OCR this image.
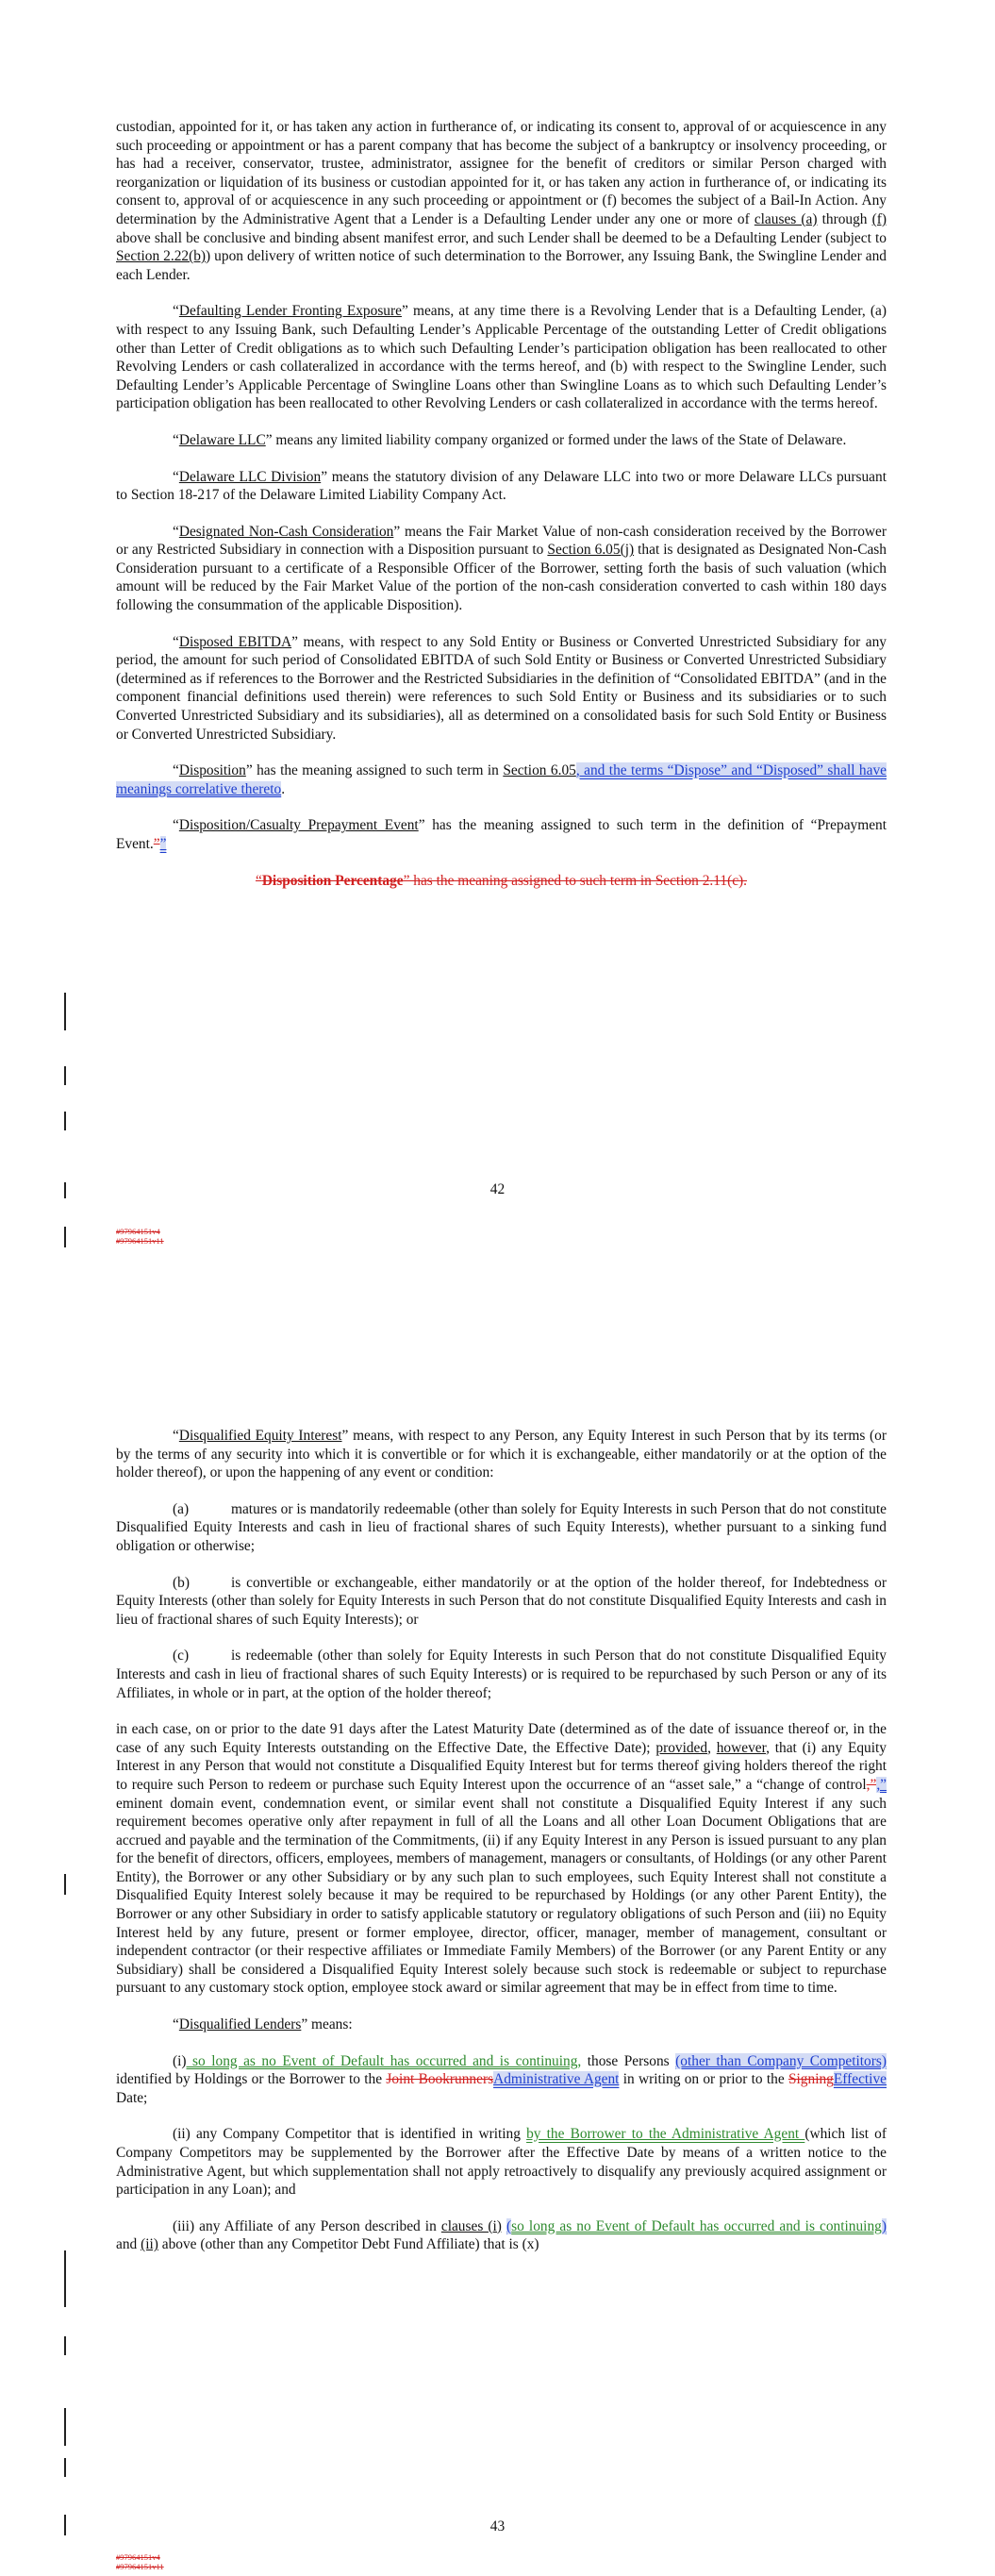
custodian, appointed for it, or has taken any action in furtherance of, or indicating its consent to, approval of or acquiescence in any such proceeding or appointment or has a parent company that has become the subject of a bankruptcy or insolvency proceeding, or has had a receiver, conservator, trustee, administrator, assignee for the benefit of creditors or similar Person charged with reorganization or liquidation of its business or custodian appointed for it, or has taken any action in furtherance of, or indicating its consent to, approval of or acquiescence in any such proceeding or appointment or (f) becomes the subject of a Bail-In Action. Any determination by the Administrative Agent that a Lender is a Defaulting Lender under any one or more of clauses (a) through (f) above shall be conclusive and binding absent manifest error, and such Lender shall be deemed to be a Defaulting Lender (subject to Section 2.22(b)) upon delivery of written notice of such determination to the Borrower, any Issuing Bank, the Swingline Lender and each Lender.

“Defaulting Lender Fronting Exposure” means, at any time there is a Revolving Lender that is a Defaulting Lender, (a) with respect to any Issuing Bank, such Defaulting Lender’s Applicable Percentage of the outstanding Letter of Credit obligations other than Letter of Credit obligations as to which such Defaulting Lender’s participation obligation has been reallocated to other Revolving Lenders or cash collateralized in accordance with the terms hereof, and (b) with respect to the Swingline Lender, such Defaulting Lender’s Applicable Percentage of Swingline Loans other than Swingline Loans as to which such Defaulting Lender’s participation obligation has been reallocated to other Revolving Lenders or cash collateralized in accordance with the terms hereof.

“Delaware LLC” means any limited liability company organized or formed under the laws of the State of Delaware.

“Delaware LLC Division” means the statutory division of any Delaware LLC into two or more Delaware LLCs pursuant to Section 18-217 of the Delaware Limited Liability Company Act.

“Designated Non-Cash Consideration” means the Fair Market Value of non-cash consideration received by the Borrower or any Restricted Subsidiary in connection with a Disposition pursuant to Section 6.05(j) that is designated as Designated Non-Cash Consideration pursuant to a certificate of a Responsible Officer of the Borrower, setting forth the basis of such valuation (which amount will be reduced by the Fair Market Value of the portion of the non-cash consideration converted to cash within 180 days following the consummation of the applicable Disposition).

“Disposed EBITDA” means, with respect to any Sold Entity or Business or Converted Unrestricted Subsidiary for any period, the amount for such period of Consolidated EBITDA of such Sold Entity or Business or Converted Unrestricted Subsidiary (determined as if references to the Borrower and the Restricted Subsidiaries in the definition of “Consolidated EBITDA” (and in the component financial definitions used therein) were references to such Sold Entity or Business and its subsidiaries or to such Converted Unrestricted Subsidiary and its subsidiaries), all as determined on a consolidated basis for such Sold Entity or Business or Converted Unrestricted Subsidiary.

“Disposition” has the meaning assigned to such term in Section 6.05, and the terms “Dispose” and “Disposed” shall have meanings correlative thereto.

“Disposition/Casualty Prepayment Event” has the meaning assigned to such term in the definition of “Prepayment Event.””

“Disposition Percentage” has the meaning assigned to such term in Section 2.11(c).

42
#97964151v4
#97964151v11

“Disqualified Equity Interest” means, with respect to any Person, any Equity Interest in such Person that by its terms (or by the terms of any security into which it is convertible or for which it is exchangeable, either mandatorily or at the option of the holder thereof), or upon the happening of any event or condition:

(a)	matures or is mandatorily redeemable (other than solely for Equity Interests in such Person that do not constitute Disqualified Equity Interests and cash in lieu of fractional shares of such Equity Interests), whether pursuant to a sinking fund obligation or otherwise;

(b)	is convertible or exchangeable, either mandatorily or at the option of the holder thereof, for Indebtedness or Equity Interests (other than solely for Equity Interests in such Person that do not constitute Disqualified Equity Interests and cash in lieu of fractional shares of such Equity Interests); or

(c)	is redeemable (other than solely for Equity Interests in such Person that do not constitute Disqualified Equity Interests and cash in lieu of fractional shares of such Equity Interests) or is required to be repurchased by such Person or any of its Affiliates, in whole or in part, at the option of the holder thereof;

in each case, on or prior to the date 91 days after the Latest Maturity Date (determined as of the date of issuance thereof or, in the case of any such Equity Interests outstanding on the Effective Date, the Effective Date); provided, however, that (i) any Equity Interest in any Person that would not constitute a Disqualified Equity Interest but for terms thereof giving holders thereof the right to require such Person to redeem or purchase such Equity Interest upon the occurrence of an “asset sale,” a “change of control,”,” eminent domain event, condemnation event, or similar event shall not constitute a Disqualified Equity Interest if any such requirement becomes operative only after repayment in full of all the Loans and all other Loan Document Obligations that are accrued and payable and the termination of the Commitments, (ii) if any Equity Interest in any Person is issued pursuant to any plan for the benefit of directors, officers, employees, members of management, managers or consultants, of Holdings (or any other Parent Entity), the Borrower or any other Subsidiary or by any such plan to such employees, such Equity Interest shall not constitute a Disqualified Equity Interest solely because it may be required to be repurchased by Holdings (or any other Parent Entity), the Borrower or any other Subsidiary in order to satisfy applicable statutory or regulatory obligations of such Person and (iii) no Equity Interest held by any future, present or former employee, director, officer, manager, member of management, consultant or independent contractor (or their respective affiliates or Immediate Family Members) of the Borrower (or any Parent Entity or any Subsidiary) shall be considered a Disqualified Equity Interest solely because such stock is redeemable or subject to repurchase pursuant to any customary stock option, employee stock award or similar agreement that may be in effect from time to time.

“Disqualified Lenders” means:

(i) so long as no Event of Default has occurred and is continuing, those Persons (other than Company Competitors) identified by Holdings or the Borrower to the Joint BookrunnersAdministrative Agent in writing on or prior to the SigningEffective Date;

(ii) any Company Competitor that is identified in writing by the Borrower to the Administrative Agent (which list of Company Competitors may be supplemented by the Borrower after the Effective Date by means of a written notice to the Administrative Agent, but which supplementation shall not apply retroactively to disqualify any previously acquired assignment or participation in any Loan); and

(iii) any Affiliate of any Person described in clauses (i) (so long as no Event of Default has occurred and is continuing) and (ii) above (other than any Competitor Debt Fund Affiliate) that is (x)

43
#97964151v4
#97964151v11
